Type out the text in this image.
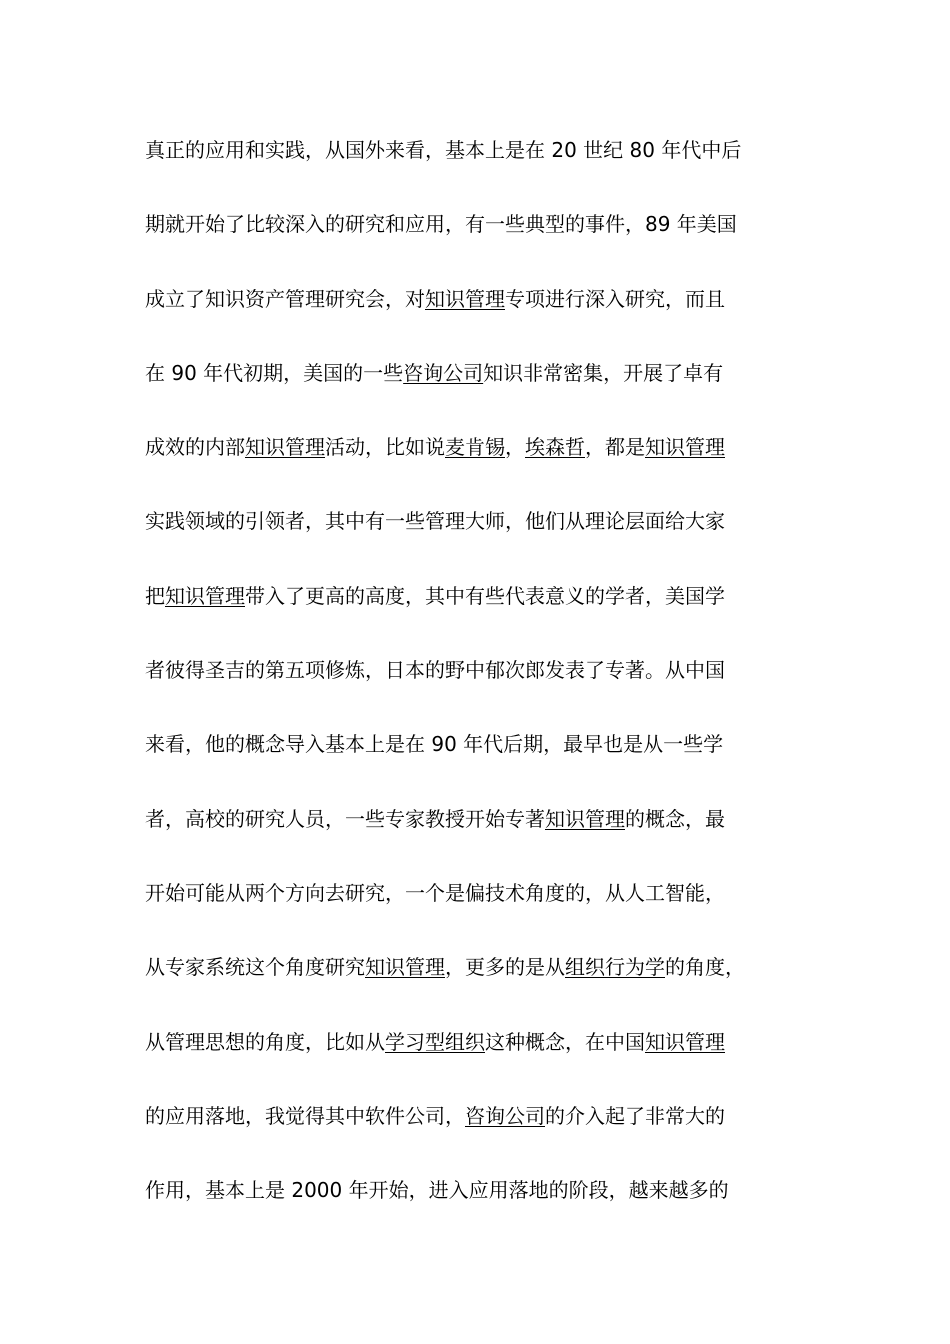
真正的应用和实践，从国外来看，基本上是在 20 世纪 80 年代中后
期就开始了比较深入的研究和应用，有一些典型的事件，89 年美国
成立了知识资产管理研究会，对知识管理专项进行深入研究，而且
在 90 年代初期，美国的一些咨询公司知识非常密集，开展了卓有
成效的内部知识管理活动，比如说麦肯锡，埃森哲，都是知识管理
实践领域的引领者，其中有一些管理大师，他们从理论层面给大家
把知识管理带入了更高的高度，其中有些代表意义的学者，美国学
者彼得圣吉的第五项修炼，日本的野中郁次郎发表了专著。从中国
来看，他的概念导入基本上是在 90 年代后期，最早也是从一些学
者，高校的研究人员，一些专家教授开始专著知识管理的概念，最
开始可能从两个方向去研究，一个是偏技术角度的，从人工智能，
从专家系统这个角度研究知识管理，更多的是从组织行为学的角度，
从管理思想的角度，比如从学习型组织这种概念，在中国知识管理
的应用落地，我觉得其中软件公司，咨询公司的介入起了非常大的
作用，基本上是 2000 年开始，进入应用落地的阶段，越来越多的
